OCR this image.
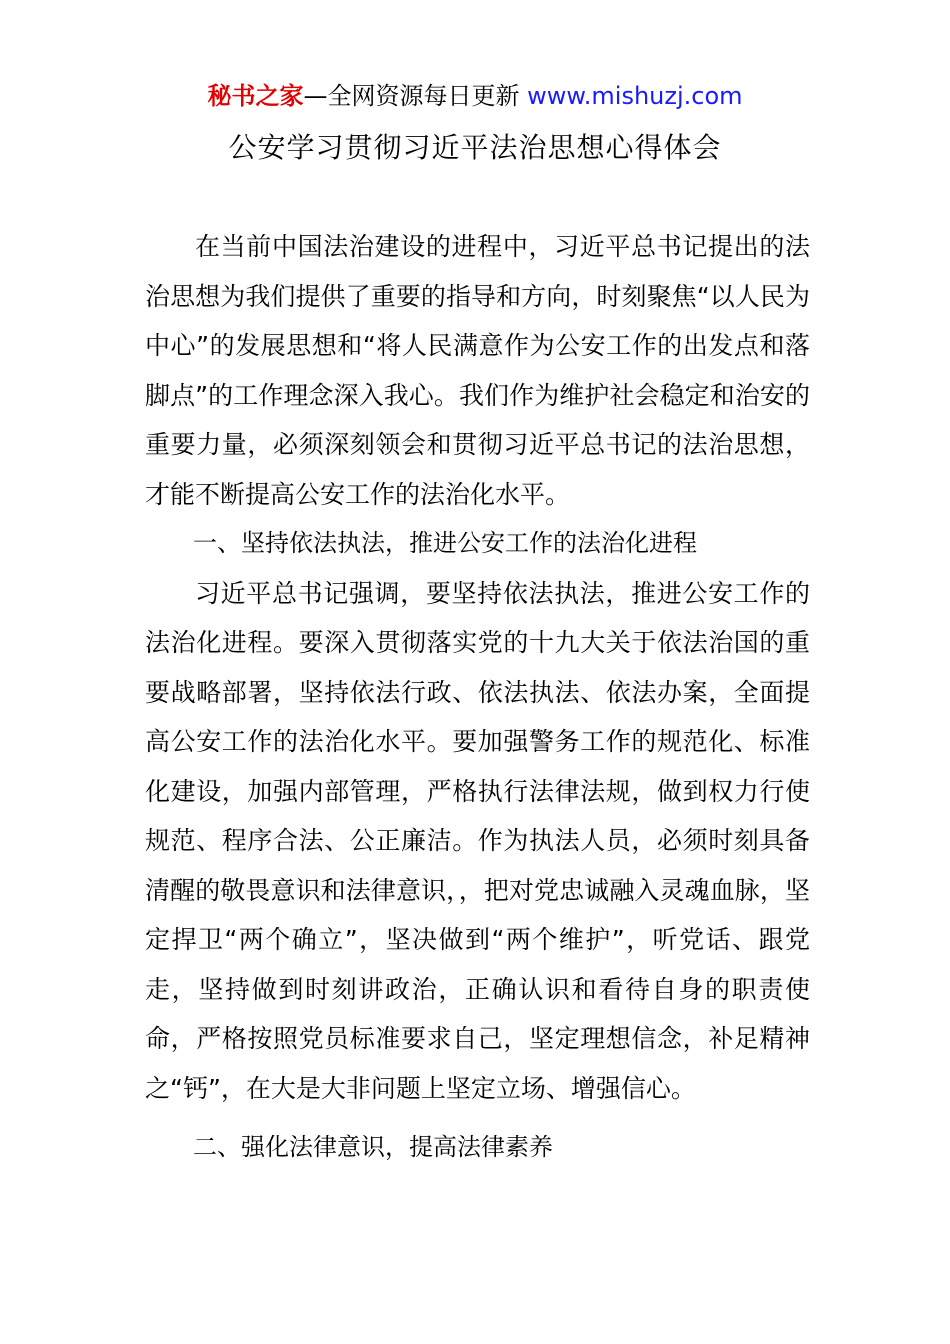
秘书之家—全网资源每日更新 www.mishuzj.com
公安学习贯彻习近平法治思想心得体会

在当前中国法治建设的进程中，习近平总书记提出的法治思想为我们提供了重要的指导和方向，时刻聚焦“以人民为中心”的发展思想和“将人民满意作为公安工作的出发点和落脚点”的工作理念深入我心。我们作为维护社会稳定和治安的重要力量，必须深刻领会和贯彻习近平总书记的法治思想，才能不断提高公安工作的法治化水平。

一、坚持依法执法，推进公安工作的法治化进程

习近平总书记强调，要坚持依法执法，推进公安工作的法治化进程。要深入贯彻落实党的十九大关于依法治国的重要战略部署，坚持依法行政、依法执法、依法办案，全面提高公安工作的法治化水平。要加强警务工作的规范化、标准化建设，加强内部管理，严格执行法律法规，做到权力行使规范、程序合法、公正廉洁。作为执法人员，必须时刻具备清醒的敬畏意识和法律意识，，把对党忠诚融入灵魂血脉，坚定捍卫“两个确立”，坚决做到“两个维护”，听党话、跟党走，坚持做到时刻讲政治，正确认识和看待自身的职责使命，严格按照党员标准要求自己，坚定理想信念，补足精神之“钙”，在大是大非问题上坚定立场、增强信心。

二、强化法律意识，提高法律素养
